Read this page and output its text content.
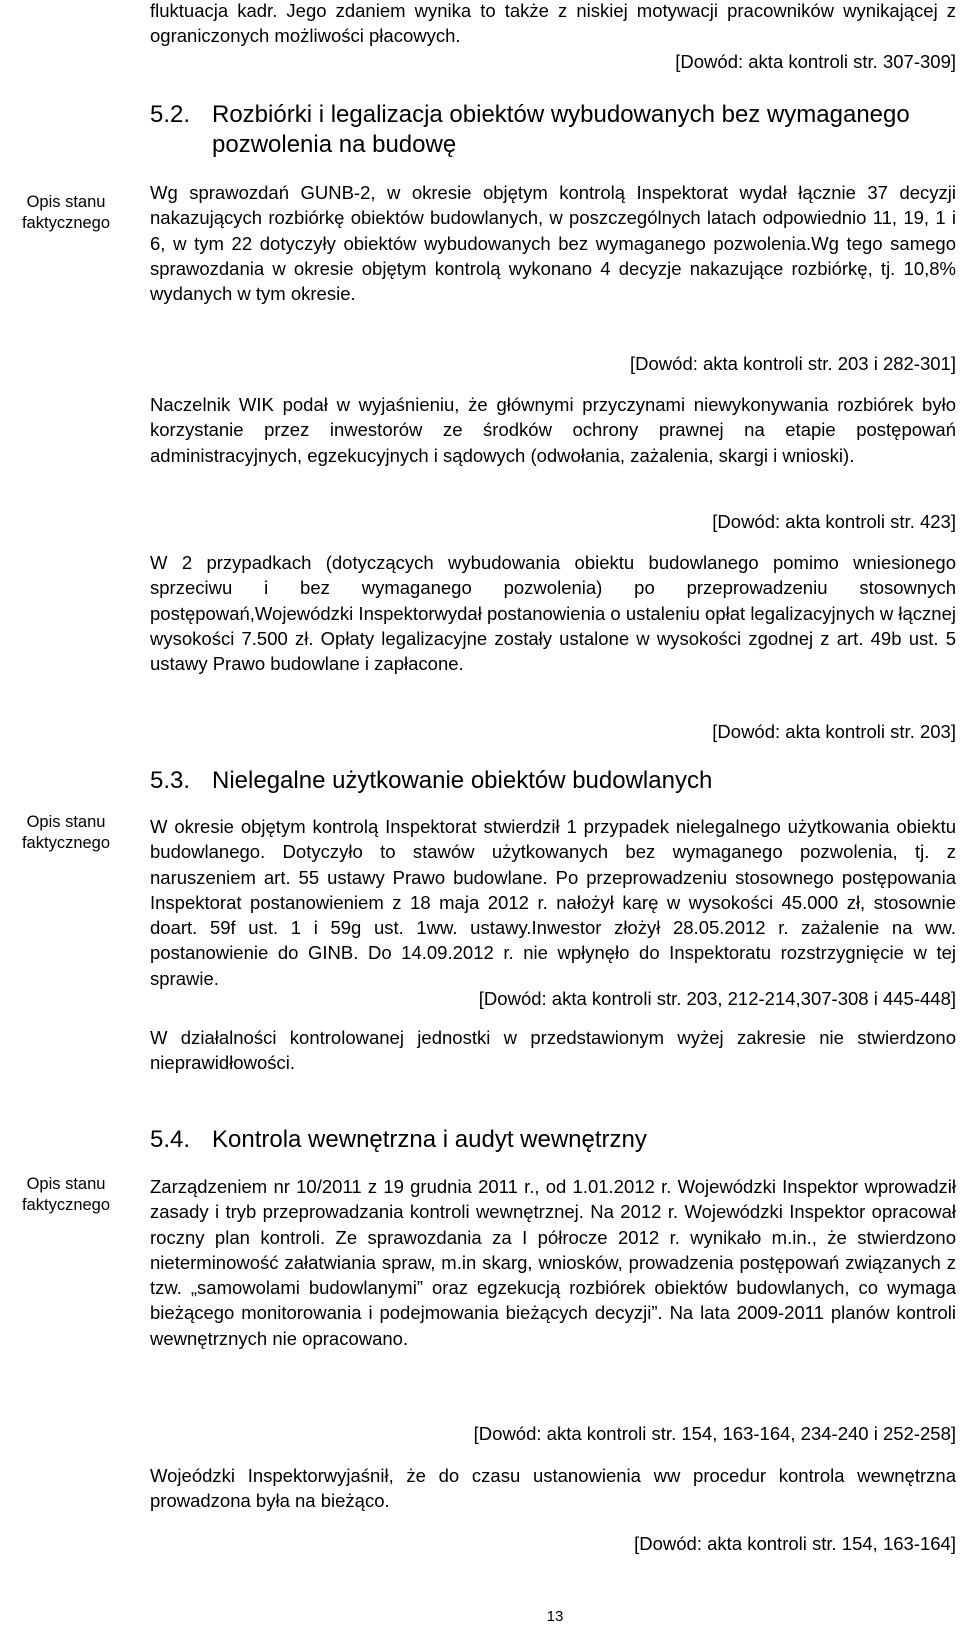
Opis stanu
faktycznego
Opis stanu
faktycznego
Opis stanu
faktycznego
fluktuacja kadr. Jego zdaniem wynika to także z niskiej motywacji pracowników wynikającej z ograniczonych możliwości płacowych.
[Dowód: akta kontroli str. 307-309]
5.2. Rozbiórki i legalizacja obiektów wybudowanych bez wymaganego
pozwolenia na budowę
Wg sprawozdań GUNB-2, w okresie objętym kontrolą Inspektorat wydał łącznie 37 decyzji nakazujących rozbiórkę obiektów budowlanych, w poszczególnych latach odpowiednio 11, 19, 1 i 6, w tym 22 dotyczyły obiektów wybudowanych bez wymaganego pozwolenia.Wg tego samego sprawozdania w okresie objętym kontrolą wykonano 4 decyzje nakazujące rozbiórkę, tj. 10,8% wydanych w tym okresie.
[Dowód: akta kontroli str. 203 i 282-301]
Naczelnik WIK podał w wyjaśnieniu, że głównymi przyczynami niewykonywania rozbiórek było korzystanie przez inwestorów ze środków ochrony prawnej na etapie postępowań administracyjnych, egzekucyjnych i sądowych (odwołania, zażalenia, skargi i wnioski).
[Dowód: akta kontroli str. 423]
W 2 przypadkach (dotyczących wybudowania obiektu budowlanego pomimo wniesionego sprzeciwu i bez wymaganego pozwolenia) po przeprowadzeniu stosownych postępowań,Wojewódzki Inspektorwydał postanowienia o ustaleniu opłat legalizacyjnych w łącznej wysokości 7.500 zł. Opłaty legalizacyjne zostały ustalone w wysokości zgodnej z art. 49b ust. 5 ustawy Prawo budowlane i zapłacone.
[Dowód: akta kontroli str. 203]
5.3. Nielegalne użytkowanie obiektów budowlanych
W okresie objętym kontrolą Inspektorat stwierdził 1 przypadek nielegalnego użytkowania obiektu budowlanego. Dotyczyło to stawów użytkowanych bez wymaganego pozwolenia, tj. z naruszeniem art. 55 ustawy Prawo budowlane. Po przeprowadzeniu stosownego postępowania Inspektorat postanowieniem z 18 maja 2012 r. nałożył karę w wysokości 45.000 zł, stosownie doart. 59f ust. 1 i 59g ust. 1ww. ustawy.Inwestor złożył 28.05.2012 r. zażalenie na ww. postanowienie do GINB. Do 14.09.2012 r. nie wpłynęło do Inspektoratu rozstrzygnięcie w tej sprawie.
[Dowód: akta kontroli str. 203, 212-214,307-308 i 445-448]
W działalności kontrolowanej jednostki w przedstawionym wyżej zakresie nie stwierdzono nieprawidłowości.
5.4. Kontrola wewnętrzna i audyt wewnętrzny
Zarządzeniem nr 10/2011 z 19 grudnia 2011 r., od 1.01.2012 r. Wojewódzki Inspektor wprowadził zasady i tryb przeprowadzania kontroli wewnętrznej. Na 2012 r. Wojewódzki Inspektor opracował roczny plan kontroli. Ze sprawozdania za I półrocze 2012 r. wynikało m.in., że stwierdzono nieterminowość załatwiania spraw, m.in skarg, wniosków, prowadzenia postępowań związanych z tzw. „samowolami budowlanymi” oraz egzekucją rozbiórek obiektów budowlanych, co wymaga bieżącego monitorowania i podejmowania bieżących decyzji”. Na lata 2009-2011 planów kontroli wewnętrznych nie opracowano.
[Dowód: akta kontroli str. 154, 163-164, 234-240 i 252-258]
Wojeódzki Inspektorwyjaśnił, że do czasu ustanowienia ww procedur kontrola wewnętrzna prowadzona była na bieżąco.
[Dowód: akta kontroli str. 154, 163-164]
13
